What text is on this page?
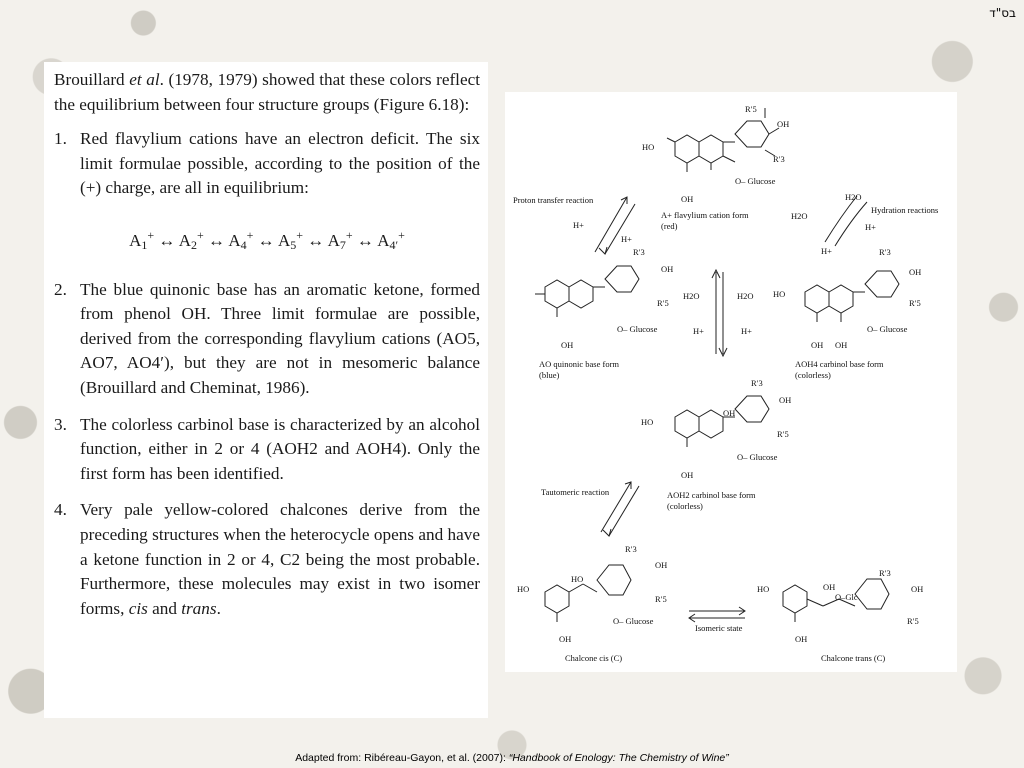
בס"ד

Brouillard et al. (1978, 1979) showed that these colors reflect the equilibrium between four structure groups (Figure 6.18):

1. Red flavylium cations have an electron deficit. The six limit formulae possible, according to the position of the (+) charge, are all in equilibrium:
$A_1^+$ ↔ $A_2^+$ ↔ $A_4^+$ ↔ $A_5^+$ ↔ $A_7^+$ ↔ $A_{4'}^+$
2. The blue quinonic base has an aromatic ketone, formed from phenol OH. Three limit formulae are possible, derived from the corresponding flavylium cations (AO5, AO7, AO4′), but they are not in mesomeric balance (Brouillard and Cheminat, 1986).
3. The colorless carbinol base is characterized by an alcohol function, either in 2 or 4 (AOH2 and AOH4). Only the first form has been identified.
4. Very pale yellow-colored chalcones derive from the preceding structures when the heterocycle opens and have a ketone function in 2 or 4, C2 being the most probable. Furthermore, these molecules may exist in two isomer forms, cis and trans.
HO
R′5
OH
R′3
O– Glucose
OH
A+ flavylium cation form
(red)
Proton transfer reaction
H+
H+
Hydration reactions
H2O
H2O
H+
H+
R′3
OH
R′5
O– Glucose
OH
AO quinonic base form
(blue)
H2O	H2O
H+	H+
HO
R′3
OH
R′5
O– Glucose
OH OH
AOH4 carbinol base form
(colorless)
HO
R′3
OH
OH
R′5
O– Glucose
OH
AOH2 carbinol base form
(colorless)
Tautomeric reaction
HO
HO
R′3
OH
R′5
O– Glucose
OH
Chalcone cis (C)
Isomeric state
HO	OH
O–Glc
R′3
OH
R′5
OH
Chalcone trans (C)
Adapted from: Ribéreau-Gayon, et al. (2007): “Handbook of Enology: The Chemistry of Wine”
